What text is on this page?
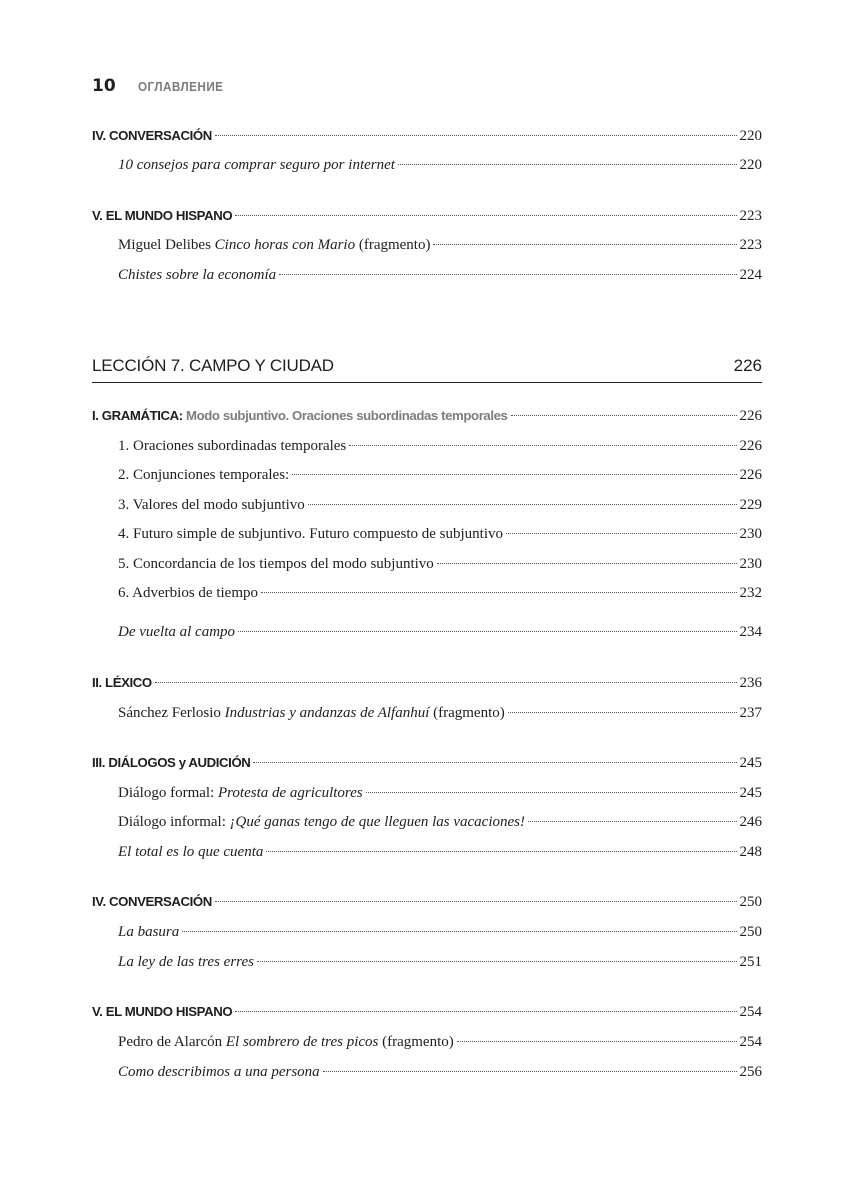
10 ОГЛАВЛЕНИЕ
IV. CONVERSACIÓN	220
10 consejos para comprar seguro por internet	220
V. EL MUNDO HISPANO	223
Miguel Delibes Cinco horas con Mario (fragmento)	223
Chistes sobre la economía	224
LECCIÓN 7. CAMPO Y CIUDAD	226
I. GRAMÁTICA: Modo subjuntivo. Oraciones subordinadas temporales	226
1. Oraciones subordinadas temporales	226
2. Conjunciones temporales:	226
3. Valores del modo subjuntivo	229
4. Futuro simple de subjuntivo. Futuro compuesto de subjuntivo	230
5. Concordancia de los tiempos del modo subjuntivo	230
6. Adverbios de tiempo	232
De vuelta al campo	234
II. LÉXICO	236
Sánchez Ferlosio Industrias y andanzas de Alfanhuí (fragmento)	237
III. DIÁLOGOS y AUDICIÓN	245
Diálogo formal: Protesta de agricultores	245
Diálogo informal: ¡Qué ganas tengo de que lleguen las vacaciones!	246
El total es lo que cuenta	248
IV. CONVERSACIÓN	250
La basura	250
La ley de las tres erres	251
V. EL MUNDO HISPANO	254
Pedro de Alarcón El sombrero de tres picos (fragmento)	254
Como describimos a una persona	256
